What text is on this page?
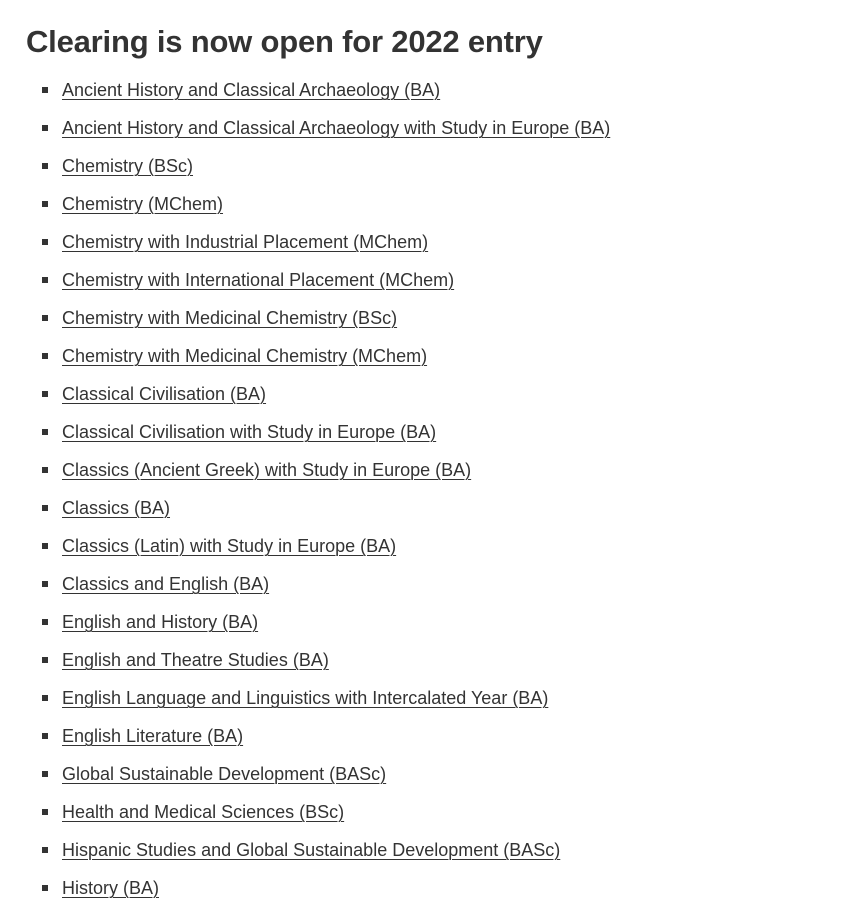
Clearing is now open for 2022 entry
Ancient History and Classical Archaeology (BA)
Ancient History and Classical Archaeology with Study in Europe (BA)
Chemistry (BSc)
Chemistry (MChem)
Chemistry with Industrial Placement (MChem)
Chemistry with International Placement (MChem)
Chemistry with Medicinal Chemistry (BSc)
Chemistry with Medicinal Chemistry (MChem)
Classical Civilisation (BA)
Classical Civilisation with Study in Europe (BA)
Classics (Ancient Greek) with Study in Europe (BA)
Classics (BA)
Classics (Latin) with Study in Europe (BA)
Classics and English (BA)
English and History (BA)
English and Theatre Studies (BA)
English Language and Linguistics with Intercalated Year (BA)
English Literature (BA)
Global Sustainable Development (BASc)
Health and Medical Sciences (BSc)
Hispanic Studies and Global Sustainable Development (BASc)
History (BA)
